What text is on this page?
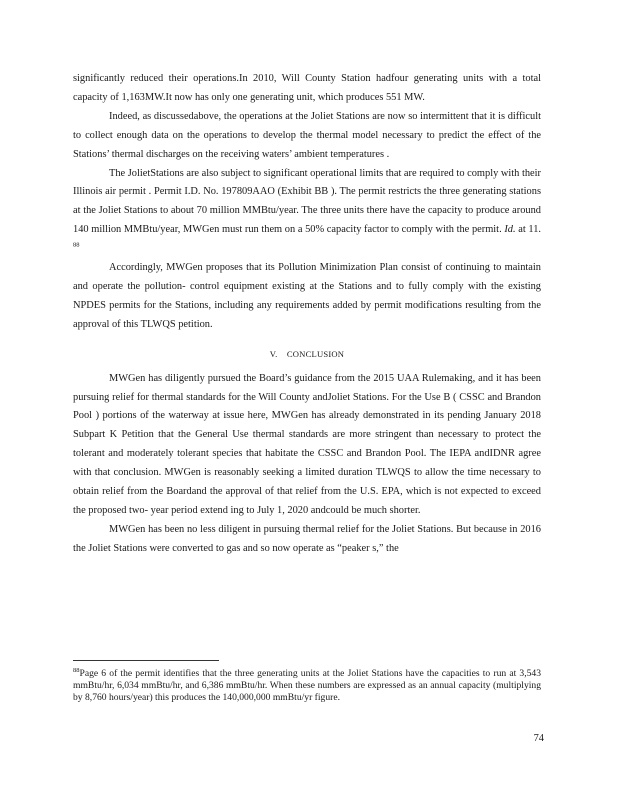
significantly reduced their operations.In 2010, Will County Station hadfour generating units with a total capacity of 1,163MW.It now has only one generating unit, which produces 551 MW.

Indeed, as discussedabove, the operations at the Joliet Stations are now so intermittent that it is difficult to collect enough data on the operations to develop the thermal model necessary to predict the effect of the Stations’ thermal discharges on the receiving waters’ ambient temperatures .

The JolietStations are also subject to significant operational limits that are required to comply with their Illinois air permit . Permit I.D. No. 197809AAO (Exhibit BB ). The permit restricts the three generating stations at the Joliet Stations to about 70 million MMBtu/year. The three units there have the capacity to produce around 140 million MMBtu/year, MWGen must run them on a 50% capacity factor to comply with the permit. Id. at 11. $^{88}$

Accordingly, MWGen proposes that its Pollution Minimization Plan consist of continuing to maintain and operate the pollution- control equipment existing at the Stations and to fully comply with the existing NPDES permits for the Stations, including any requirements added by permit modifications resulting from the approval of this TLWQS petition.

V.    CONCLUSION

MWGen has diligently pursued the Board’s guidance from the 2015 UAA Rulemaking, and it has been pursuing relief for thermal standards for the Will County andJoliet Stations. For the Use B ( CSSC and Brandon Pool ) portions of the waterway at issue here, MWGen has already demonstrated in its pending January 2018 Subpart K Petition that the General Use thermal standards are more stringent than necessary to protect the tolerant and moderately tolerant species that habitate the CSSC and Brandon Pool. The IEPA andIDNR agree with that conclusion. MWGen is reasonably seeking a limited duration TLWQS to allow the time necessary to obtain relief from the Boardand the approval of that relief from the U.S. EPA, which is not expected to exceed the proposed two- year period extend ing to July 1, 2020 andcould be much shorter.

MWGen has been no less diligent in pursuing thermal relief for the Joliet Stations. But because in 2016 the Joliet Stations were converted to gas and so now operate as “peaker s,” the

$^{88}$Page 6 of the permit identifies that the three generating units at the Joliet Stations have the capacities to run at 3,543 mmBtu/hr, 6,034 mmBtu/hr, and 6,386 mmBtu/hr. When these numbers are expressed as an annual capacity (multiplying by 8,760 hours/year) this produces the 140,000,000 mmBtu/yr figure.
74
